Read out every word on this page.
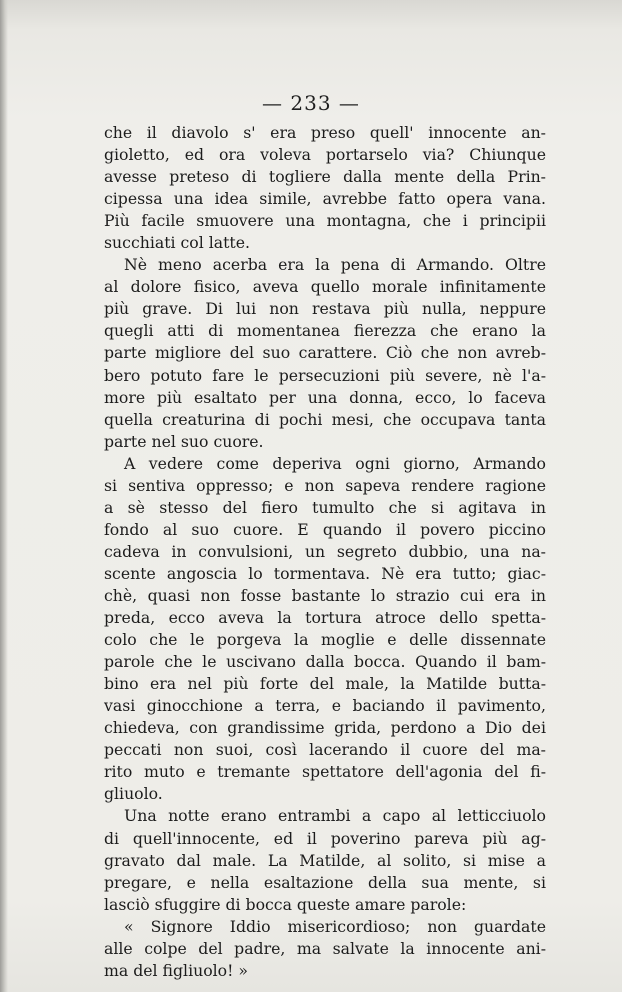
— 233 —
che il diavolo s' era preso quell' innocente an-
gioletto, ed ora voleva portarselo via? Chiunque
avesse preteso di togliere dalla mente della Prin-
cipessa una idea simile, avrebbe fatto opera vana.
Più facile smuovere una montagna, che i principii
succhiati col latte.
Nè meno acerba era la pena di Armando. Oltre
al dolore fisico, aveva quello morale infinitamente
più grave. Di lui non restava più nulla, neppure
quegli atti di momentanea fierezza che erano la
parte migliore del suo carattere. Ciò che non avreb-
bero potuto fare le persecuzioni più severe, nè l'a-
more più esaltato per una donna, ecco, lo faceva
quella creaturina di pochi mesi, che occupava tanta
parte nel suo cuore.
A vedere come deperiva ogni giorno, Armando
si sentiva oppresso; e non sapeva rendere ragione
a sè stesso del fiero tumulto che si agitava in
fondo al suo cuore. E quando il povero piccino
cadeva in convulsioni, un segreto dubbio, una na-
scente angoscia lo tormentava. Nè era tutto; giac-
chè, quasi non fosse bastante lo strazio cui era in
preda, ecco aveva la tortura atroce dello spetta-
colo che le porgeva la moglie e delle dissennate
parole che le uscivano dalla bocca. Quando il bam-
bino era nel più forte del male, la Matilde butta-
vasi ginocchione a terra, e baciando il pavimento,
chiedeva, con grandissime grida, perdono a Dio dei
peccati non suoi, così lacerando il cuore del ma-
rito muto e tremante spettatore dell'agonia del fi-
gliuolo.
Una notte erano entrambi a capo al letticciuolo
di quell'innocente, ed il poverino pareva più ag-
gravato dal male. La Matilde, al solito, si mise a
pregare, e nella esaltazione della sua mente, si
lasciò sfuggire di bocca queste amare parole:
« Signore Iddio misericordioso; non guardate
alle colpe del padre, ma salvate la innocente ani-
ma del figliuolo! »
